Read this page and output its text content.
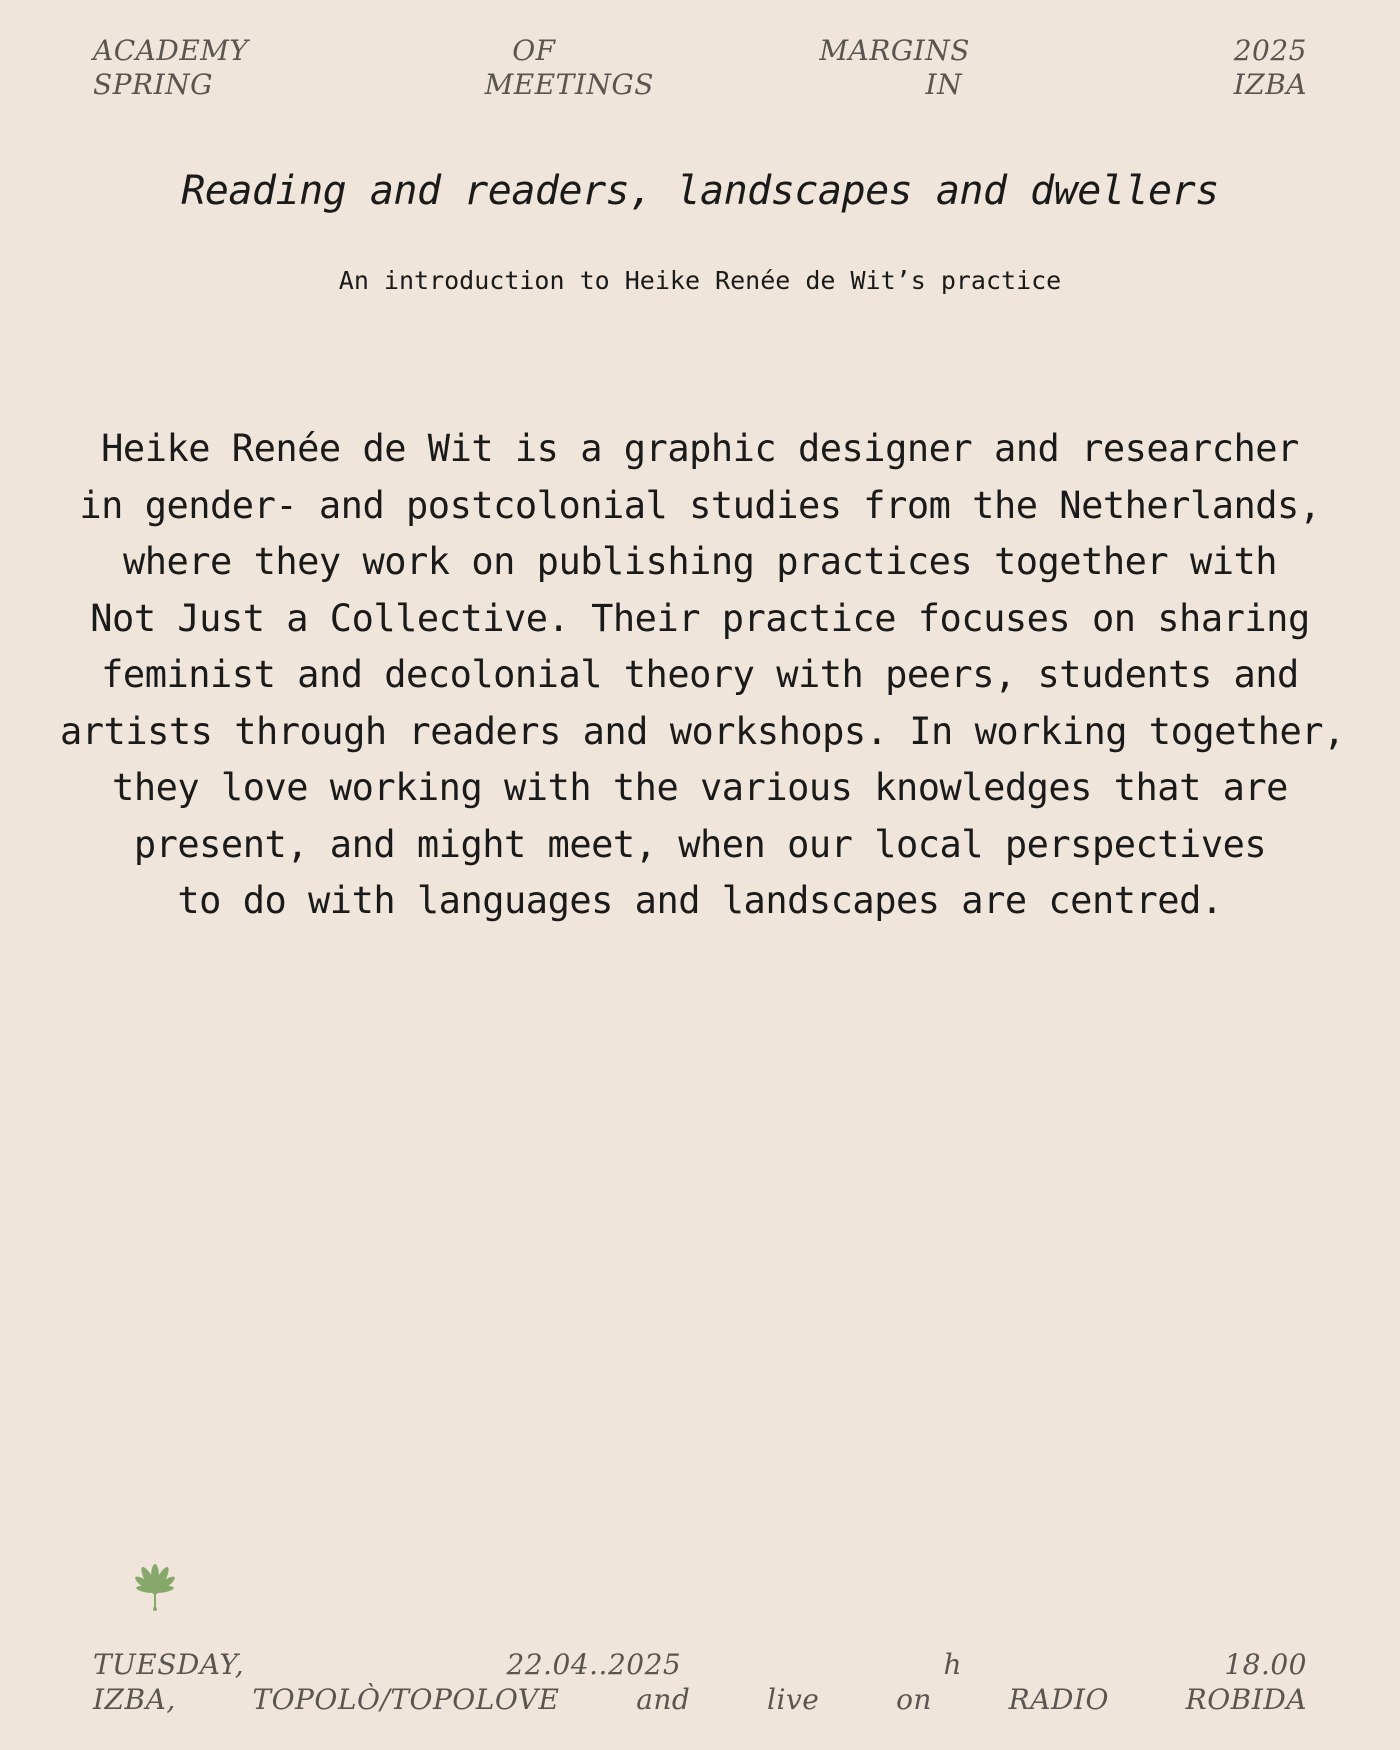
ACADEMY	OF	MARGINS	2025
SPRING	MEETINGS	IN	IZBA
Reading and readers, landscapes and dwellers

An introduction to Heike Renée de Wit’s practice

Heike Renée de Wit is a graphic designer and researcher
in gender- and postcolonial studies from the Netherlands,
where they work on publishing practices together with
Not Just a Collective. Their practice focuses on sharing
feminist and decolonial theory with peers, students and
artists through readers and workshops. In working together,
they love working with the various knowledges that are
present, and might meet, when our local perspectives
to do with languages and landscapes are centred.
TUESDAY,	22.04..2025	h	18.00
IZBA,	TOPOLÒ/TOPOLOVE	and	live	on	RADIO	ROBIDA
